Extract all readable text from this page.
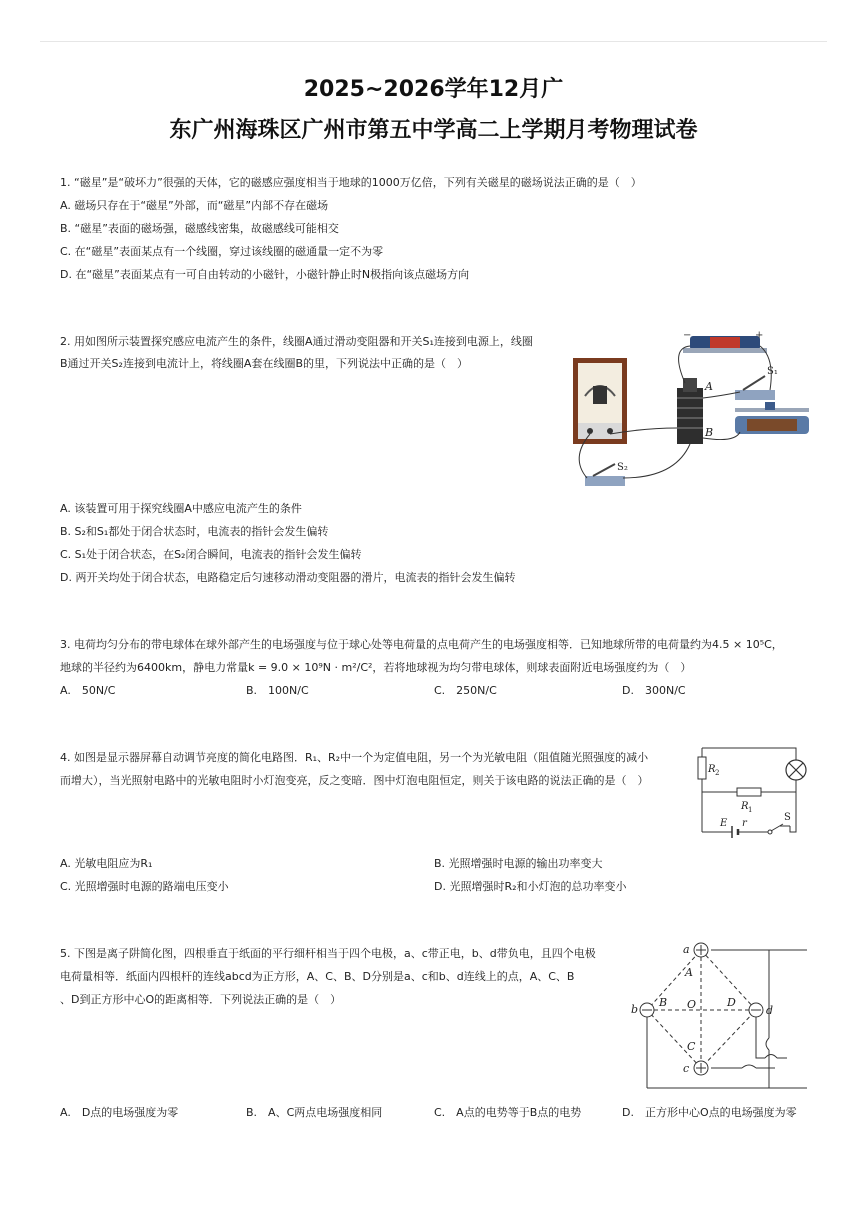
2025~2026学年12月广
东广州海珠区广州市第五中学高二上学期月考物理试卷
1. “磁星”是“破坏力”很强的天体，它的磁感应强度相当于地球的1000万亿倍，下列有关磁星的磁场说法正确的是（　）
A. 磁场只存在于“磁星”外部，而“磁星”内部不存在磁场
B. “磁星”表面的磁场强，磁感线密集，故磁感线可能相交
C. 在“磁星”表面某点有一个线圈，穿过该线圈的磁通量一定不为零
D. 在“磁星”表面某点有一可自由转动的小磁针，小磁针静止时N极指向该点磁场方向
2. 用如图所示装置探究感应电流产生的条件，线圈A通过滑动变阻器和开关S₁连接到电源上，线圈
B通过开关S₂连接到电流计上，将线圈A套在线圈B的里，下列说法中正确的是（　）
−	+
A
B
S₁
S₂
A. 该装置可用于探究线圈A中感应电流产生的条件
B. S₂和S₁都处于闭合状态时，电流表的指针会发生偏转
C. S₁处于闭合状态，在S₂闭合瞬间，电流表的指针会发生偏转
D. 两开关均处于闭合状态，电路稳定后匀速移动滑动变阻器的滑片，电流表的指针会发生偏转
3. 电荷均匀分布的带电球体在球外部产生的电场强度与位于球心处等电荷量的点电荷产生的电场强度相等．已知地球所带的电荷量约为4.5 × 10⁵C，
地球的半径约为6400km，静电力常量k = 9.0 × 10⁹N · m²/C²，若将地球视为均匀带电球体，则球表面附近电场强度约为（　）
A.　50N/C	B.　100N/C	C.　250N/C	D.　300N/C
4. 如图是显示器屏幕自动调节亮度的简化电路图．R₁、R₂中一个为定值电阻，另一个为光敏电阻（阻值随光照强度的减小
而增大），当光照射电路中的光敏电阻时小灯泡变亮，反之变暗．图中灯泡电阻恒定，则关于该电路的说法正确的是（　）
R 2
R 1
E r
S
A. 光敏电阻应为R₁	B. 光照增强时电源的输出功率变大
C. 光照增强时电源的路端电压变小	D. 光照增强时R₂和小灯泡的总功率变小
5. 下图是离子阱简化图，四根垂直于纸面的平行细杆相当于四个电极，a、c带正电，b、d带负电，且四个电极
电荷量相等．纸面内四根杆的连线abcd为正方形，A、C、B、D分别是a、c和b、d连线上的点，A、C、B
、D到正方形中心O的距离相等．下列说法正确的是（　）
a
b
c
d
A
B
C
D
O
A.　D点的电场强度为零	B.　A、C两点电场强度相同	C.　A点的电势等于B点的电势	D.　正方形中心O点的电场强度为零
